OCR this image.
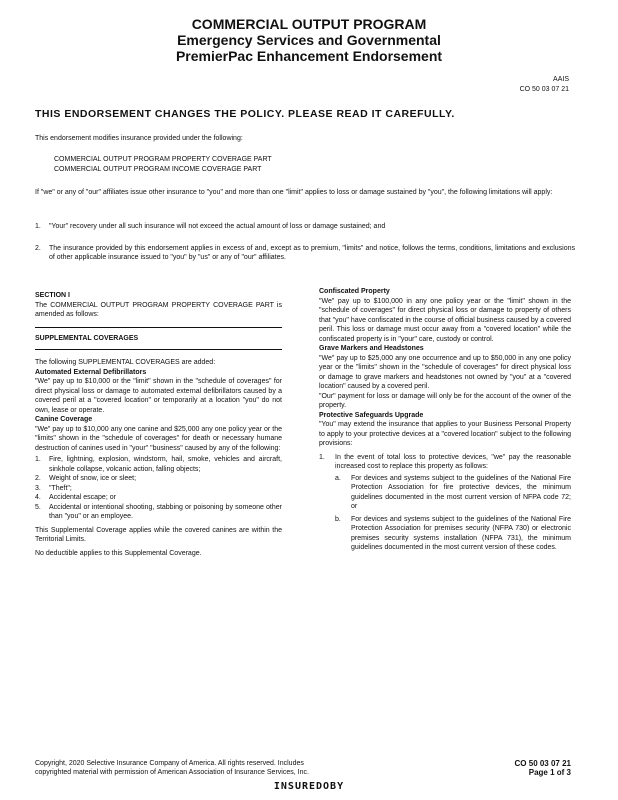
COMMERCIAL OUTPUT PROGRAM
Emergency Services and Governmental
PremierPac Enhancement Endorsement
AAIS
CO 50 03 07 21
THIS ENDORSEMENT CHANGES THE POLICY. PLEASE READ IT CAREFULLY.
This endorsement modifies insurance provided under the following:
COMMERCIAL OUTPUT PROGRAM PROPERTY COVERAGE PART
COMMERCIAL OUTPUT PROGRAM INCOME COVERAGE PART

If "we" or any of "our" affiliates issue other insurance to "you" and more than one "limit" applies to loss or damage sustained by "you", the following limitations will apply:

1.	"Your" recovery under all such insurance will not exceed the actual amount of loss or damage sustained; and
2.	The insurance provided by this endorsement applies in excess of and, except as to premium, "limits" and notice, follows the terms, conditions, limitations and exclusions of other applicable insurance issued to "you" by "us" or any of "our" affiliates.
SECTION I

The COMMERCIAL OUTPUT PROGRAM PROPERTY COVERAGE PART is amended as follows:

SUPPLEMENTAL COVERAGES

The following SUPPLEMENTAL COVERAGES are added:

Automated External Defibrillators

"We" pay up to $10,000 or the "limit" shown in the "schedule of coverages" for direct physical loss or damage to automated external defibrillators caused by a covered peril at a "covered location" or temporarily at a location "you" do not own, lease or operate.

Canine Coverage

"We" pay up to $10,000 any one canine and $25,000 any one policy year or the "limits" shown in the "schedule of coverages" for death or necessary humane destruction of canines used in "your" "business" caused by any of the following:

1.	Fire, lightning, explosion, windstorm, hail, smoke, vehicles and aircraft, sinkhole collapse, volcanic action, falling objects;
2.	Weight of snow, ice or sleet;
3.	"Theft";
4.	Accidental escape; or
5.	Accidental or intentional shooting, stabbing or poisoning by someone other than "you" or an employee.

This Supplemental Coverage applies while the covered canines are within the Territorial Limits.

No deductible applies to this Supplemental Coverage.

Confiscated Property

"We" pay up to $100,000 in any one policy year or the "limit" shown in the "schedule of coverages" for direct physical loss or damage to property of others that "you" have confiscated in the course of official business caused by a covered peril. This loss or damage must occur away from a "covered location" while the confiscated property is in "your" care, custody or control.

Grave Markers and Headstones

"We" pay up to $25,000 any one occurrence and up to $50,000 in any one policy year or the "limits" shown in the "schedule of coverages" for direct physical loss or damage to grave markers and headstones not owned by "you" at a "covered location" caused by a covered peril.

"Our" payment for loss or damage will only be for the account of the owner of the property.

Protective Safeguards Upgrade

"You" may extend the insurance that applies to your Business Personal Property to apply to your protective devices at a "covered location" subject to the following provisions:

1.	In the event of total loss to protective devices, "we" pay the reasonable increased cost to replace this property as follows:

a.	For devices and systems subject to the guidelines of the National Fire Protection Association for fire protective devices, the minimum guidelines documented in the most current version of NFPA code 72; or
b.	For devices and systems subject to the guidelines of the National Fire Protection Association for premises security (NFPA 730) or electronic premises security systems installation (NFPA 731), the minimum guidelines documented in the most current version of these codes.
Copyright, 2020 Selective Insurance Company of America. All rights reserved. Includes
copyrighted material with permission of American Association of Insurance Services, Inc.
CO 50 03 07 21
Page 1 of 3
INSUREDOBY
